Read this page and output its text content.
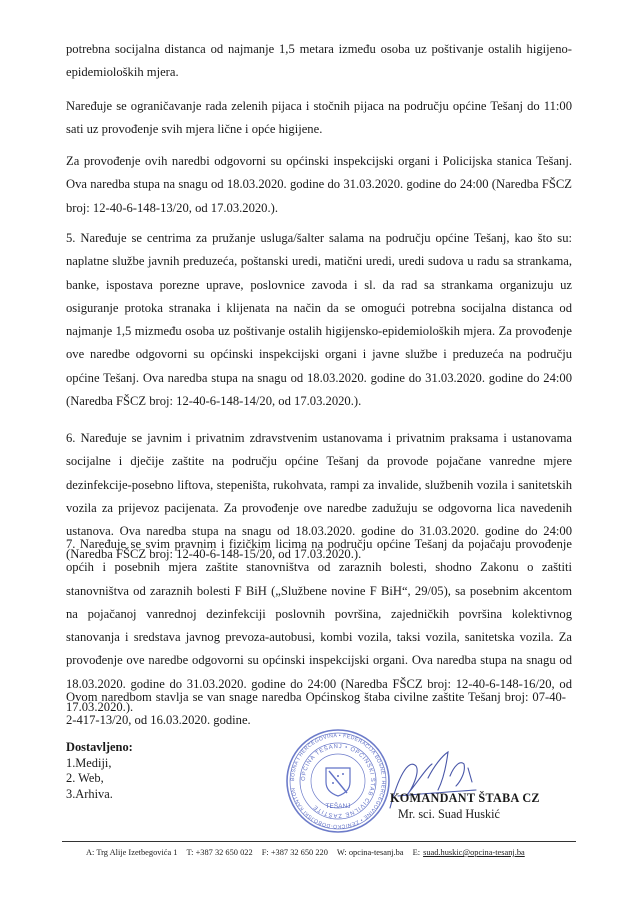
potrebna socijalna distanca od najmanje 1,5 metara između osoba uz poštivanje ostalih higijeno-epidemioloških mjera.

Naređuje se ograničavanje rada zelenih pijaca i stočnih pijaca na području općine Tešanj do 11:00 sati uz provođenje svih mjera lične i opće higijene.

Za provođenje ovih naredbi odgovorni su općinski inspekcijski organi i Policijska stanica Tešanj. Ova naredba stupa na snagu od 18.03.2020. godine do 31.03.2020. godine do 24:00 (Naredba FŠCZ broj: 12-40-6-148-13/20, od 17.03.2020.).

5. Naređuje se centrima za pružanje usluga/šalter salama na području općine Tešanj, kao što su: naplatne službe javnih preduzeća, poštanski uredi, matični uredi, uredi sudova u radu sa strankama, banke, ispostava porezne uprave, poslovnice zavoda i sl. da rad sa strankama organizuju uz osiguranje protoka stranaka i klijenata na način da se omogući potrebna socijalna distanca od najmanje 1,5 mizmeđu osoba uz poštivanje ostalih higijensko-epidemioloških mjera. Za provođenje ove naredbe odgovorni su općinski inspekcijski organi i javne službe i preduzeća na području općine Tešanj. Ova naredba stupa na snagu od 18.03.2020. godine do 31.03.2020. godine do 24:00 (Naredba FŠCZ broj: 12-40-6-148-14/20, od 17.03.2020.).

6. Naređuje se javnim i privatnim zdravstvenim ustanovama i privatnim praksama i ustanovama socijalne i dječije zaštite na području općine Tešanj da provode pojačane vanredne mjere dezinfekcije-posebno liftova, stepeništa, rukohvata, rampi za invalide, službenih vozila i sanitetskih vozila za prijevoz pacijenata. Za provođenje ove naredbe zadužuju se odgovorna lica navedenih ustanova. Ova naredba stupa na snagu od 18.03.2020. godine do 31.03.2020. godine do 24:00 (Naredba FŠCZ broj: 12-40-6-148-15/20, od 17.03.2020.).

7. Naređuje se svim pravnim i fizičkim licima na području općine Tešanj da pojačaju provođenje općih i posebnih mjera zaštite stanovništva od zaraznih bolesti, shodno Zakonu o zaštiti stanovništva od zaraznih bolesti F BiH („Službene novine F BiH“, 29/05), sa posebnim akcentom na pojačanoj vanrednoj dezinfekciji poslovnih površina, zajedničkih površina kolektivnog stanovanja i sredstava javnog prevoza-autobusi, kombi vozila, taksi vozila, sanitetska vozila. Za provođenje ove naredbe odgovorni su općinski inspekcijski organi. Ova naredba stupa na snagu od 18.03.2020. godine do 31.03.2020. godine do 24:00 (Naredba FŠCZ broj: 12-40-6-148-16/20, od 17.03.2020.).

Ovom naredbom stavlja se van snage naredba Općinskog štaba civilne zaštite Tešanj broj: 07-40-2-417-13/20, od 16.03.2020. godine.

Dostavljeno:
1.Mediji,
2. Web,
3.Arhiva.
BOSNA I HERCEGOVINA • FEDERACIJA BOSNE I HERCEGOVINE • ZENIČKO-DOBOJSKI KANTON
OPĆINA TEŠANJ • OPĆINSKI ŠTAB CIVILNE ZAŠTITE TEŠANJ
KOMANDANT ŠTABA CZ
Mr. sci. Suad Huskić
A: Trg Alije Izetbegovića 1 T: +387 32 650 022 F: +387 32 650 220 W: opcina-tesanj.ba E: suad.huskic@opcina-tesanj.ba
